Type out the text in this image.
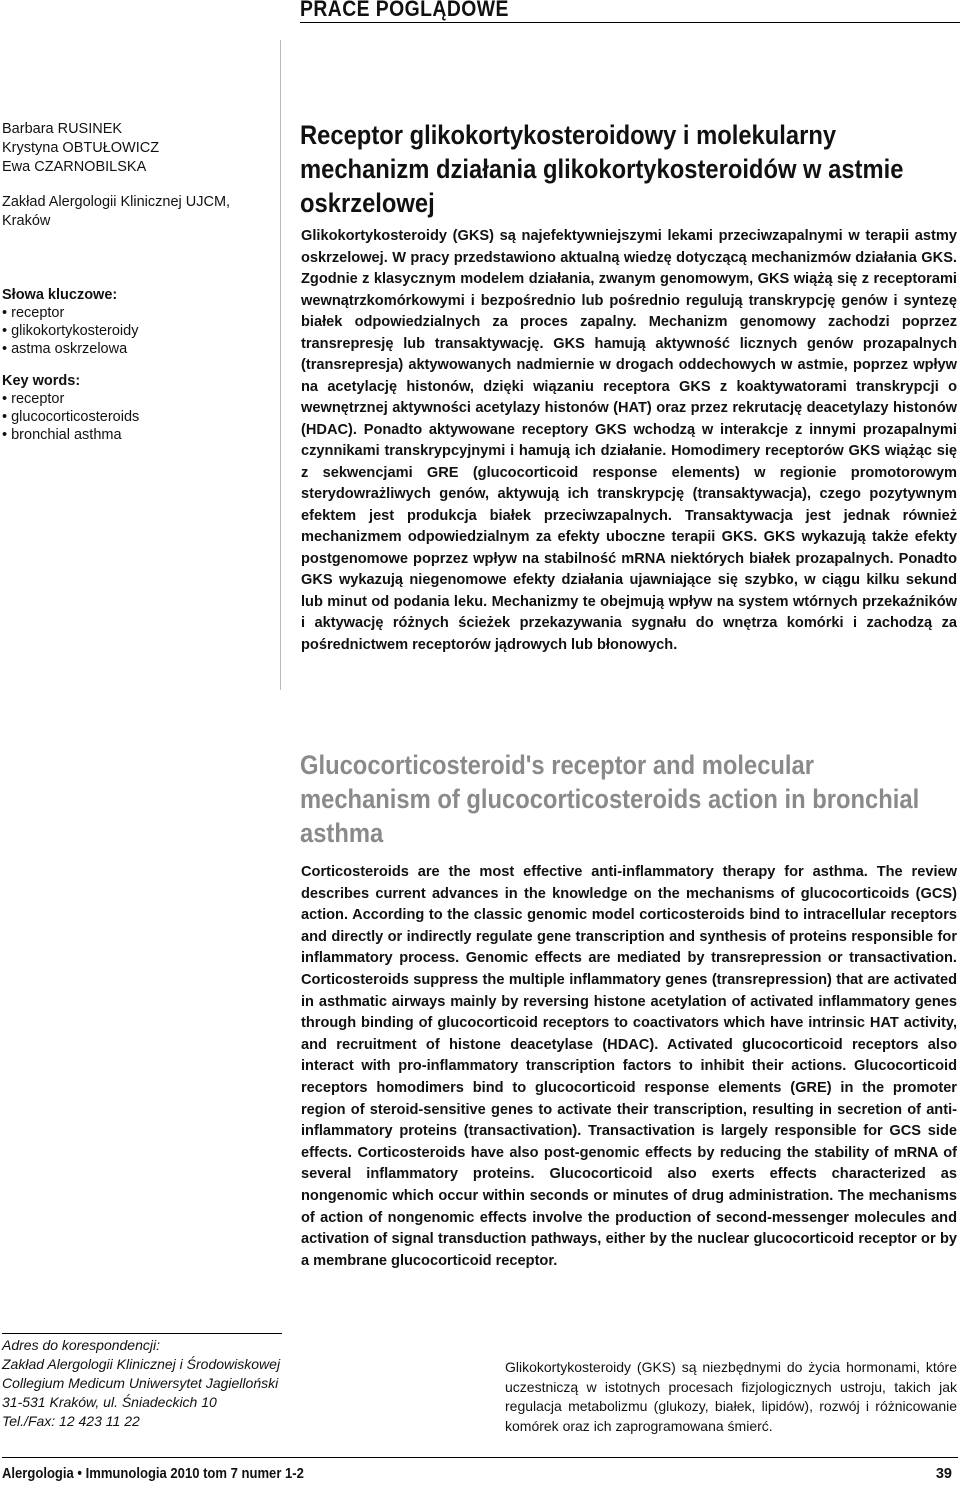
PRACE POGLĄDOWE
Barbara RUSINEK
Krystyna OBTUŁOWICZ
Ewa CZARNOBILSKA
Zakład Alergologii Klinicznej UJCM,
Kraków
Słowa kluczowe:
• receptor
• glikokortykosteroidy
• astma oskrzelowa
Key words:
• receptor
• glucocorticosteroids
• bronchial asthma
Receptor glikokortykosteroidowy i molekularny mechanizm działania glikokortykosteroidów w astmie oskrzelowej
Glikokortykosteroidy (GKS) są najefektywniejszymi lekami przeciwzapalnymi w terapii astmy oskrzelowej. W pracy przedstawiono aktualną wiedzę dotyczącą mechanizmów działania GKS. Zgodnie z klasycznym modelem działania, zwanym genomowym, GKS wiążą się z receptorami wewnątrzkomórkowymi i bezpośrednio lub pośrednio regulują transkrypcję genów i syntezę białek odpowiedzialnych za proces zapalny. Mechanizm genomowy zachodzi poprzez transrepresję lub transaktywację. GKS hamują aktywność licznych genów prozapalnych (transrepresja) aktywowanych nadmiernie w drogach oddechowych w astmie, poprzez wpływ na acetylację histonów, dzięki wiązaniu receptora GKS z koaktywatorami transkrypcji o wewnętrznej aktywności acetylazy histonów (HAT) oraz przez rekrutację deacetylazy histonów (HDAC). Ponadto aktywowane receptory GKS wchodzą w interakcje z innymi prozapalnymi czynnikami transkrypcyjnymi i hamują ich działanie. Homodimery receptorów GKS wiążąc się z sekwencjami GRE (glucocorticoid response elements) w regionie promotorowym sterydowrażliwych genów, aktywują ich transkrypcję (transaktywacja), czego pozytywnym efektem jest produkcja białek przeciwzapalnych. Transaktywacja jest jednak również mechanizmem odpowiedzialnym za efekty uboczne terapii GKS. GKS wykazują także efekty postgenomowe poprzez wpływ na stabilność mRNA niektórych białek prozapalnych. Ponadto GKS wykazują niegenomowe efekty działania ujawniające się szybko, w ciągu kilku sekund lub minut od podania leku. Mechanizmy te obejmują wpływ na system wtórnych przekaźników i aktywację różnych ścieżek przekazywania sygnału do wnętrza komórki i zachodzą za pośrednictwem receptorów jądrowych lub błonowych.
Glucocorticosteroid's receptor and molecular mechanism of glucocorticosteroids action in bronchial asthma
Corticosteroids are the most effective anti-inflammatory therapy for asthma. The review describes current advances in the knowledge on the mechanisms of glucocorticoids (GCS) action. According to the classic genomic model corticosteroids bind to intracellular receptors and directly or indirectly regulate gene transcription and synthesis of proteins responsible for inflammatory process. Genomic effects are mediated by transrepression or transactivation. Corticosteroids suppress the multiple inflammatory genes (transrepression) that are activated in asthmatic airways mainly by reversing histone acetylation of activated inflammatory genes through binding of glucocorticoid receptors to coactivators which have intrinsic HAT activity, and recruitment of histone deacetylase (HDAC). Activated glucocorticoid receptors also interact with pro-inflammatory transcription factors to inhibit their actions. Glucocorticoid receptors homodimers bind to glucocorticoid response elements (GRE) in the promoter region of steroid-sensitive genes to activate their transcription, resulting in secretion of anti-inflammatory proteins (transactivation). Transactivation is largely responsible for GCS side effects. Corticosteroids have also post-genomic effects by reducing the stability of mRNA of several inflammatory proteins. Glucocorticoid also exerts effects characterized as nongenomic which occur within seconds or minutes of drug administration. The mechanisms of action of nongenomic effects involve the production of second-messenger molecules and activation of signal transduction pathways, either by the nuclear glucocorticoid receptor or by a membrane glucocorticoid receptor.
Adres do korespondencji:
Zakład Alergologii Klinicznej i Środowiskowej
Collegium Medicum Uniwersytet Jagielloński
31-531 Kraków, ul. Śniadeckich 10
Tel./Fax: 12 423 11 22
Glikokortykosteroidy (GKS) są niezbędnymi do życia hormonami, które uczestniczą w istotnych procesach fizjologicznych ustroju, takich jak regulacja metabolizmu (glukozy, białek, lipidów), rozwój i różnicowanie komórek oraz ich zaprogramowana śmierć.
Alergologia • Immunologia 2010 tom 7 numer 1-2	39
